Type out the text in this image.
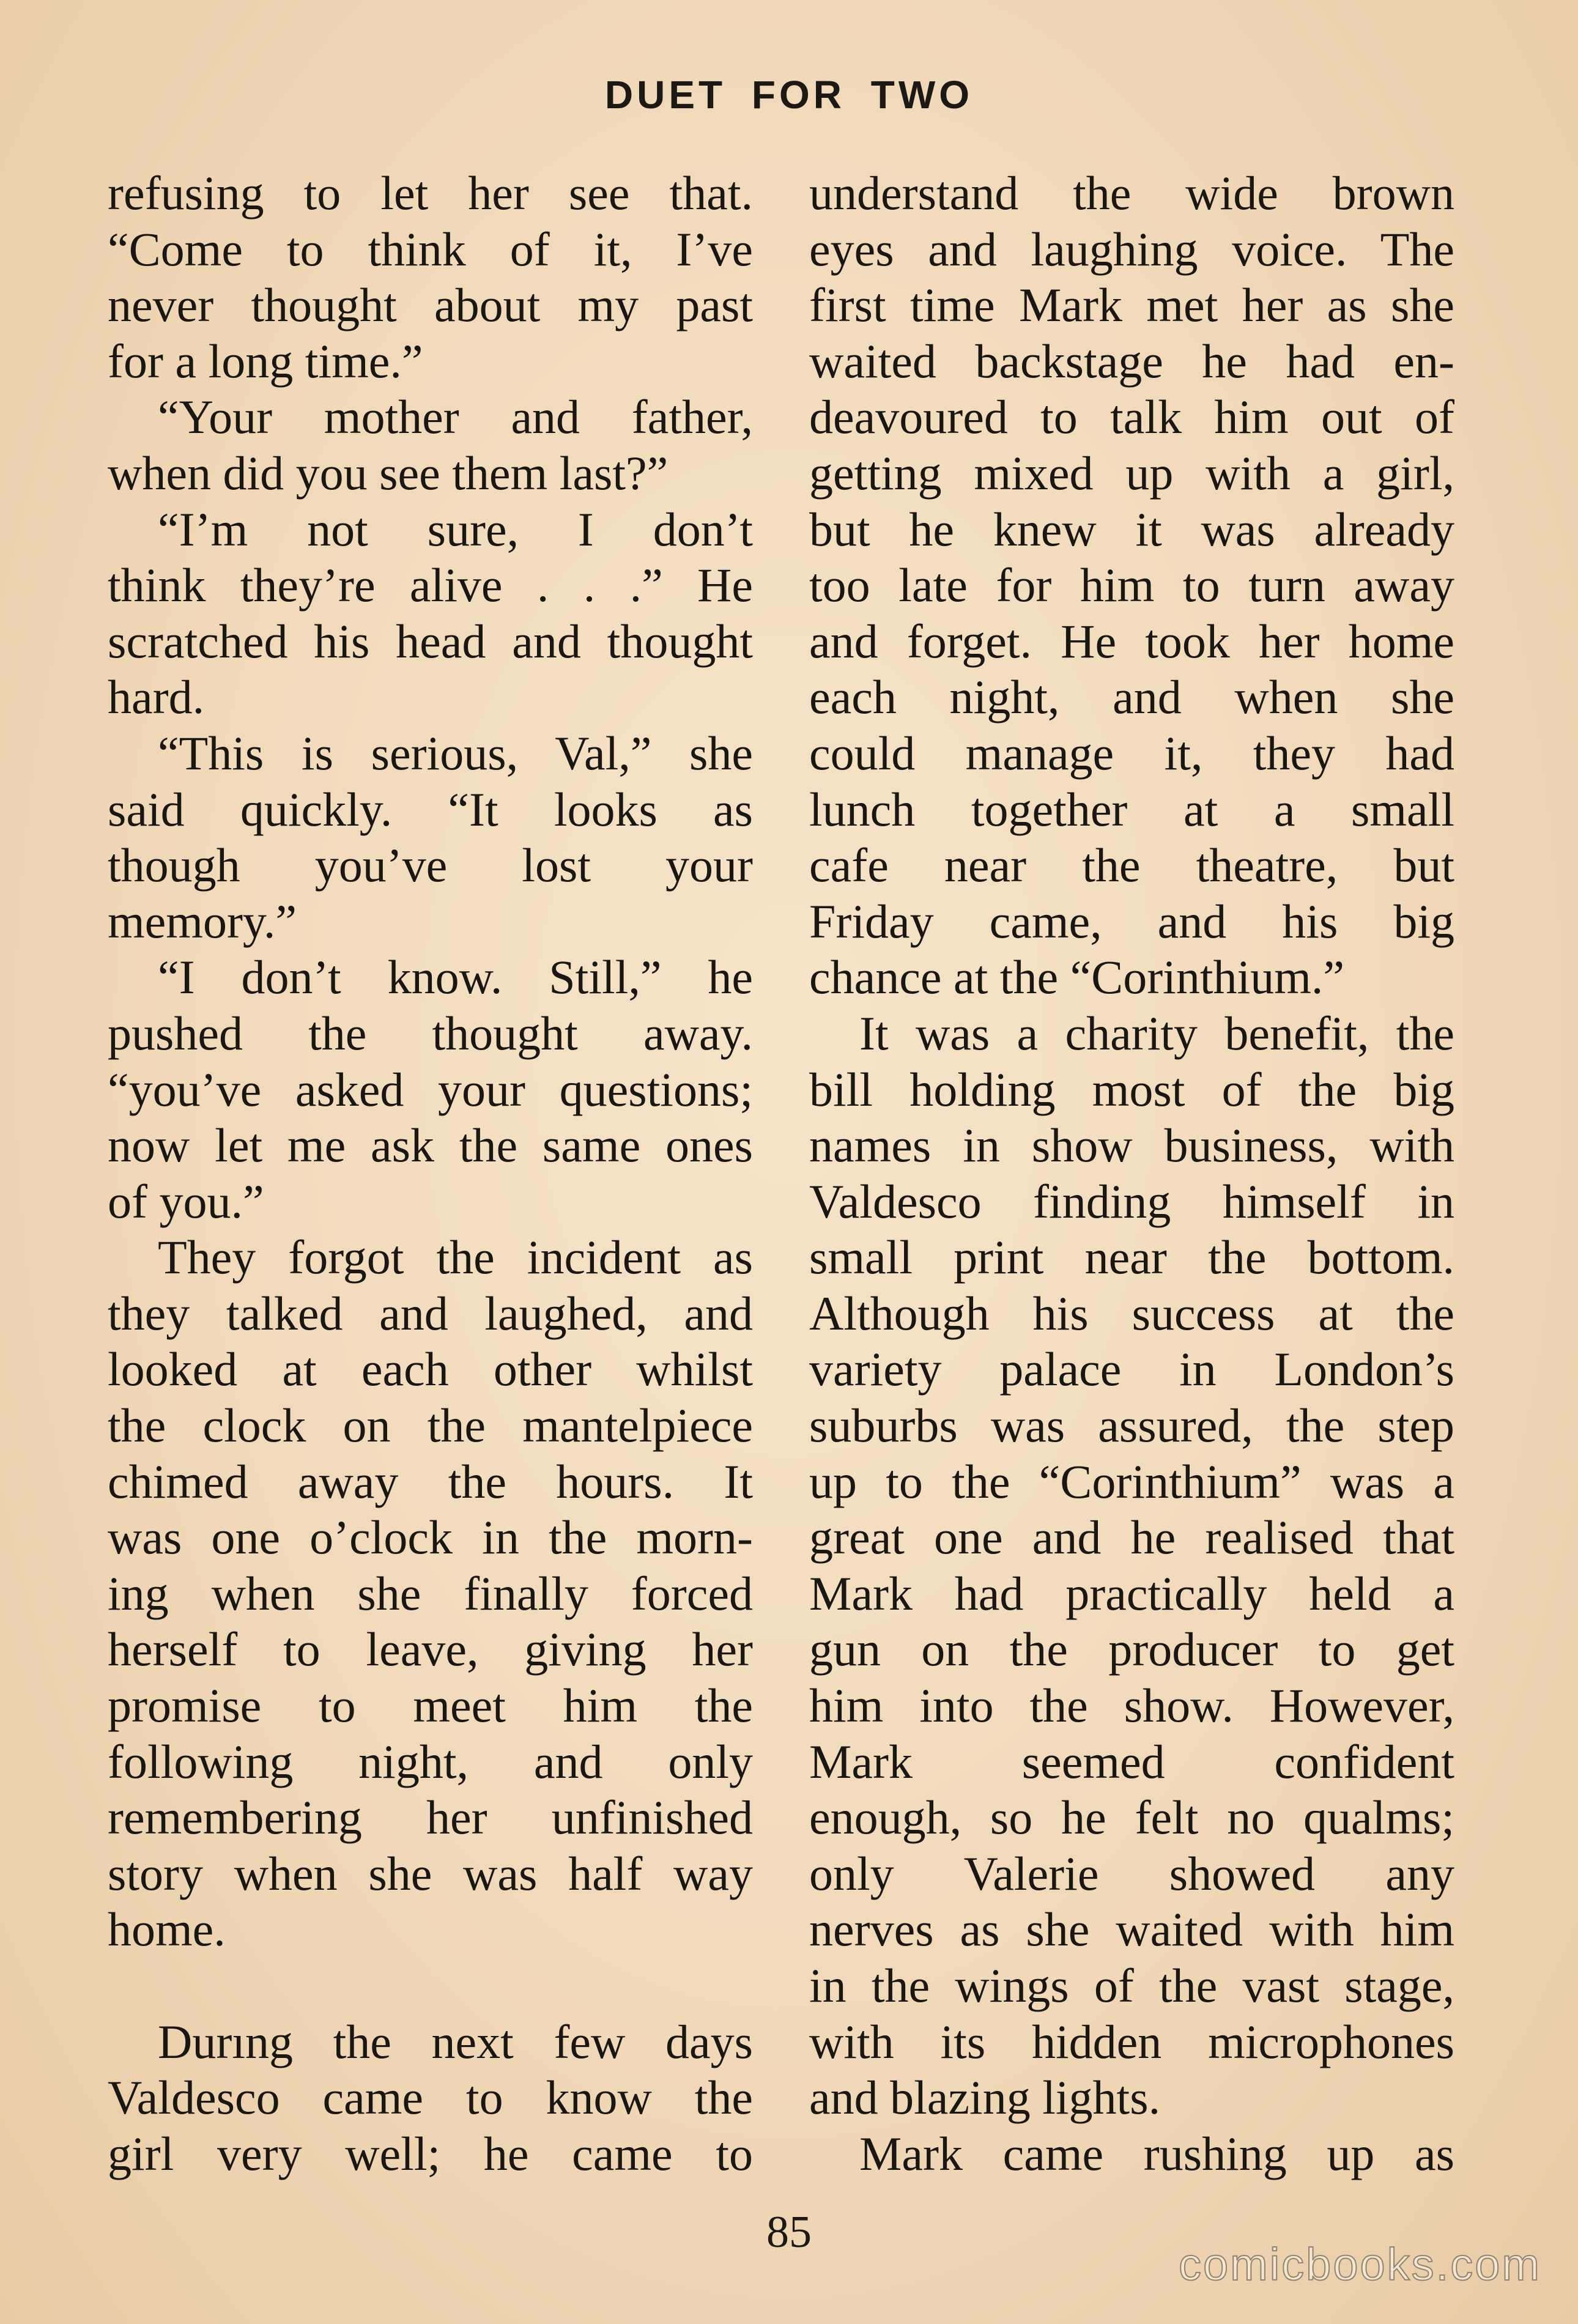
DUET FOR TWO
refusing to let her see that.
“Come to think of it, I’ve
never thought about my past
for a long time.”
“Your mother and father,
when did you see them last?”
“I’m not sure, I don’t
think they’re alive . . .” He
scratched his head and thought
hard.
“This is serious, Val,” she
said quickly. “It looks as
though you’ve lost your
memory.”
“I don’t know. Still,” he
pushed the thought away.
“you’ve asked your questions;
now let me ask the same ones
of you.”
They forgot the incident as
they talked and laughed, and
looked at each other whilst
the clock on the mantelpiece
chimed away the hours. It
was one o’clock in the morn-
ing when she finally forced
herself to leave, giving her
promise to meet him the
following night, and only
remembering her unfinished
story when she was half way
home.
Durıng the next few days
Valdesco came to know the
girl very well; he came to
understand the wide brown
eyes and laughing voice. The
first time Mark met her as she
waited backstage he had en-
deavoured to talk him out of
getting mixed up with a girl,
but he knew it was already
too late for him to turn away
and forget. He took her home
each night, and when she
could manage it, they had
lunch together at a small
cafe near the theatre, but
Friday came, and his big
chance at the “Corinthium.”
It was a charity benefit, the
bill holding most of the big
names in show business, with
Valdesco finding himself in
small print near the bottom.
Although his success at the
variety palace in London’s
suburbs was assured, the step
up to the “Corinthium” was a
great one and he realised that
Mark had practically held a
gun on the producer to get
him into the show. However,
Mark seemed confident
enough, so he felt no qualms;
only Valerie showed any
nerves as she waited with him
in the wings of the vast stage,
with its hidden microphones
and blazing lights.
Mark came rushing up as
85
comicbooks.com
